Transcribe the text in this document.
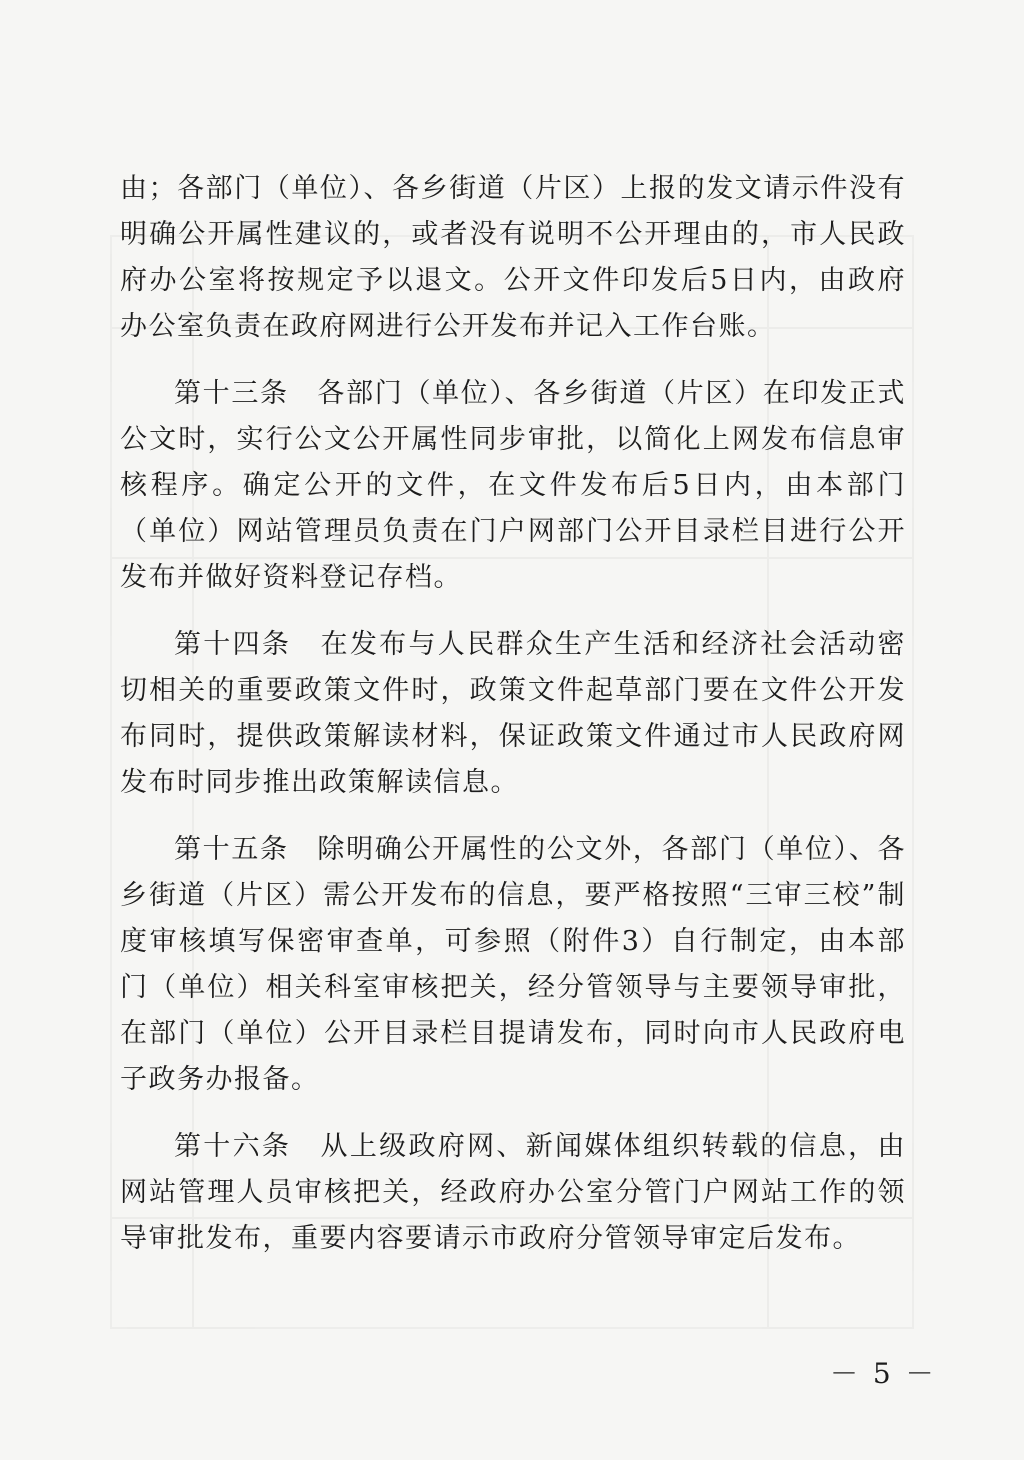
由；各部门（单位）、各乡街道（片区）上报的发文请示件没有明确公开属性建议的，或者没有说明不公开理由的，市人民政府办公室将按规定予以退文。公开文件印发后5日内，由政府办公室负责在政府网进行公开发布并记入工作台账。

第十三条　各部门（单位）、各乡街道（片区）在印发正式公文时，实行公文公开属性同步审批，以简化上网发布信息审核程序。确定公开的文件，在文件发布后5日内，由本部门（单位）网站管理员负责在门户网部门公开目录栏目进行公开发布并做好资料登记存档。

第十四条　在发布与人民群众生产生活和经济社会活动密切相关的重要政策文件时，政策文件起草部门要在文件公开发布同时，提供政策解读材料，保证政策文件通过市人民政府网发布时同步推出政策解读信息。

第十五条　除明确公开属性的公文外，各部门（单位）、各乡街道（片区）需公开发布的信息，要严格按照“三审三校”制度审核填写保密审查单，可参照（附件3）自行制定，由本部门（单位）相关科室审核把关，经分管领导与主要领导审批，在部门（单位）公开目录栏目提请发布，同时向市人民政府电子政务办报备。

第十六条　从上级政府网、新闻媒体组织转载的信息，由网站管理人员审核把关，经政府办公室分管门户网站工作的领导审批发布，重要内容要请示市政府分管领导审定后发布。

－ 5 －
